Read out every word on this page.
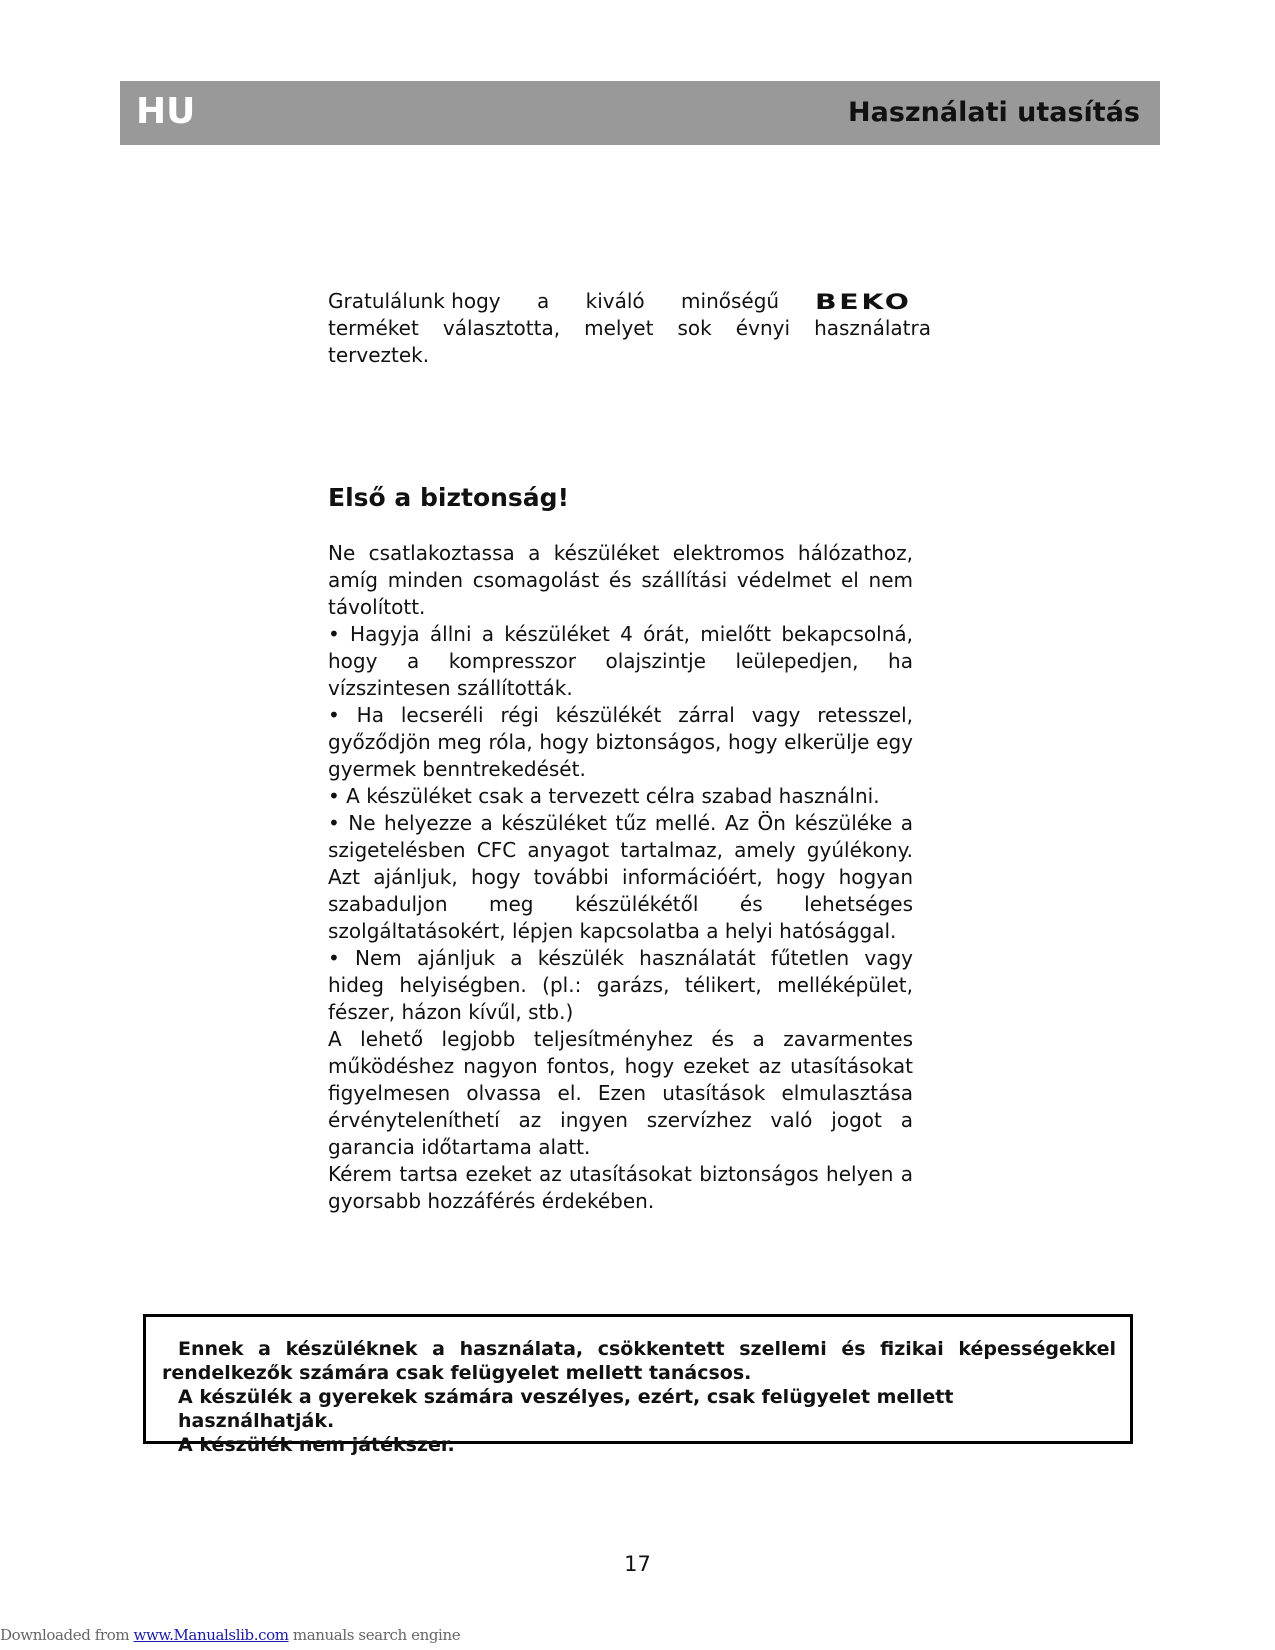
HU	Használati utasítás
Gratulálunk hogy a kiváló minőségű BEKO
terméket választotta, melyet sok évnyi használatra
terveztek.
Első a biztonság!

Ne csatlakoztassa a készüléket elektromos hálózathoz, amíg minden csomagolást és szállítási védelmet el nem távolított.

• Hagyja állni a készüléket 4 órát, mielőtt bekapcsolná, hogy a kompresszor olajszintje leülepedjen, ha vízszintesen szállították.

• Ha lecseréli régi készülékét zárral vagy retesszel, győződjön meg róla, hogy biztonságos, hogy elkerülje egy gyermek benntrekedését.

• A készüléket csak a tervezett célra szabad használni.

• Ne helyezze a készüléket tűz mellé. Az Ön készüléke a szigetelésben CFC anyagot tartalmaz, amely gyúlékony. Azt ajánljuk, hogy további információért, hogy hogyan szabaduljon meg készülékétől és lehetséges szolgáltatásokért, lépjen kapcsolatba a helyi hatósággal.

• Nem ajánljuk a készülék használatát fűtetlen vagy hideg helyiségben. (pl.: garázs, télikert, melléképület, fészer, házon kívűl, stb.)

A lehető legjobb teljesítményhez és a zavarmentes működéshez nagyon fontos, hogy ezeket az utasításokat figyelmesen olvassa el. Ezen utasítások elmulasztása érvényteleníthetí az ingyen szervízhez való jogot a garancia időtartama alatt.

Kérem tartsa ezeket az utasításokat biztonságos helyen a gyorsabb hozzáférés érdekében.

Ennek a készüléknek a használata, csökkentett szellemi és fizikai képességekkel rendelkezők számára csak felügyelet mellett tanácsos.

A készülék a gyerekek számára veszélyes, ezért, csak felügyelet mellett használhatják.

A készülék nem játékszer.

17
Downloaded from www.Manualslib.com manuals search engine
